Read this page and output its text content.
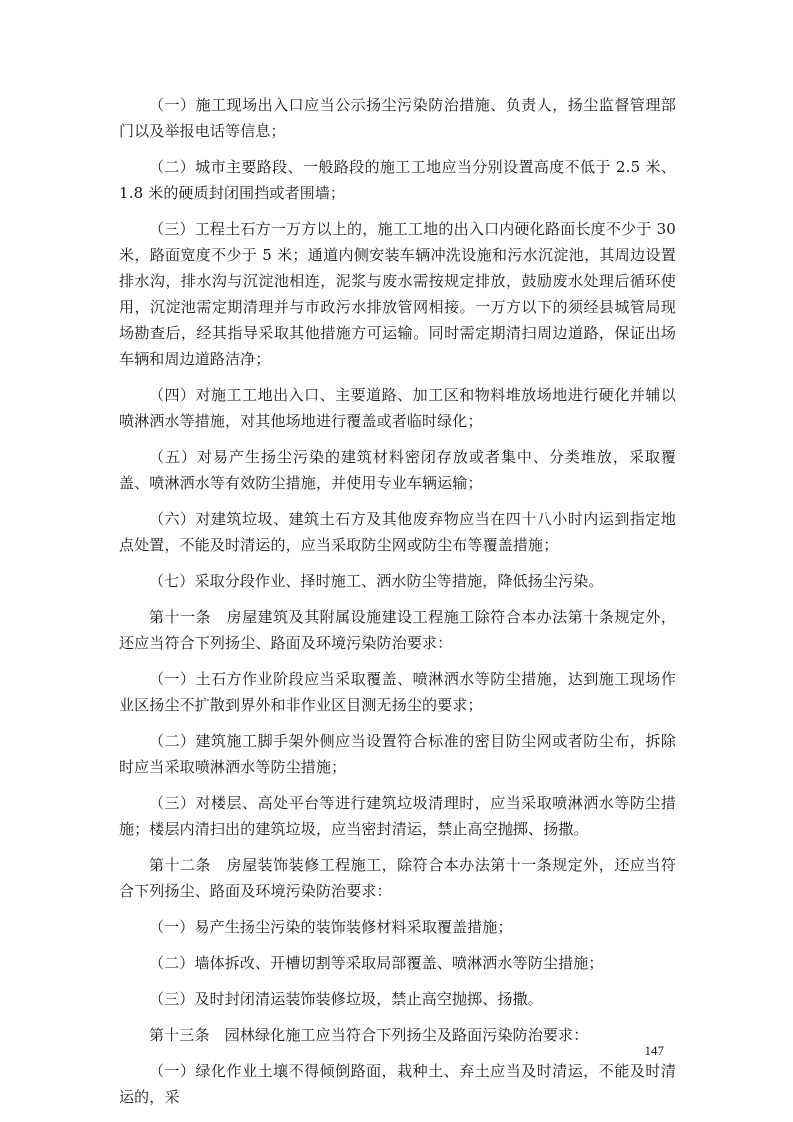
（一）施工现场出入口应当公示扬尘污染防治措施、负责人，扬尘监督管理部门以及举报电话等信息；

（二）城市主要路段、一般路段的施工工地应当分别设置高度不低于 2.5 米、1.8 米的硬质封闭围挡或者围墙；

（三）工程土石方一万方以上的，施工工地的出入口内硬化路面长度不少于 30 米，路面宽度不少于 5 米；通道内侧安装车辆冲洗设施和污水沉淀池，其周边设置排水沟，排水沟与沉淀池相连，泥浆与废水需按规定排放，鼓励废水处理后循环使用，沉淀池需定期清理并与市政污水排放管网相接。一万方以下的须经县城管局现场勘查后，经其指导采取其他措施方可运输。同时需定期清扫周边道路，保证出场车辆和周边道路洁净；

（四）对施工工地出入口、主要道路、加工区和物料堆放场地进行硬化并辅以喷淋洒水等措施，对其他场地进行覆盖或者临时绿化；

（五）对易产生扬尘污染的建筑材料密闭存放或者集中、分类堆放，采取覆盖、喷淋洒水等有效防尘措施，并使用专业车辆运输；

（六）对建筑垃圾、建筑土石方及其他废弃物应当在四十八小时内运到指定地点处置，不能及时清运的，应当采取防尘网或防尘布等覆盖措施；

（七）采取分段作业、择时施工、洒水防尘等措施，降低扬尘污染。

第十一条　房屋建筑及其附属设施建设工程施工除符合本办法第十条规定外，还应当符合下列扬尘、路面及环境污染防治要求：

（一）土石方作业阶段应当采取覆盖、喷淋洒水等防尘措施，达到施工现场作业区扬尘不扩散到界外和非作业区目测无扬尘的要求；

（二）建筑施工脚手架外侧应当设置符合标准的密目防尘网或者防尘布，拆除时应当采取喷淋洒水等防尘措施；

（三）对楼层、高处平台等进行建筑垃圾清理时，应当采取喷淋洒水等防尘措施；楼层内清扫出的建筑垃圾，应当密封清运，禁止高空抛掷、扬撒。

第十二条　房屋装饰装修工程施工，除符合本办法第十一条规定外，还应当符合下列扬尘、路面及环境污染防治要求：

（一）易产生扬尘污染的装饰装修材料采取覆盖措施；

（二）墙体拆改、开槽切割等采取局部覆盖、喷淋洒水等防尘措施；

（三）及时封闭清运装饰装修垃圾，禁止高空抛掷、扬撒。

第十三条　园林绿化施工应当符合下列扬尘及路面污染防治要求：

（一）绿化作业土壤不得倾倒路面，栽种土、弃土应当及时清运，不能及时清运的，采

147
